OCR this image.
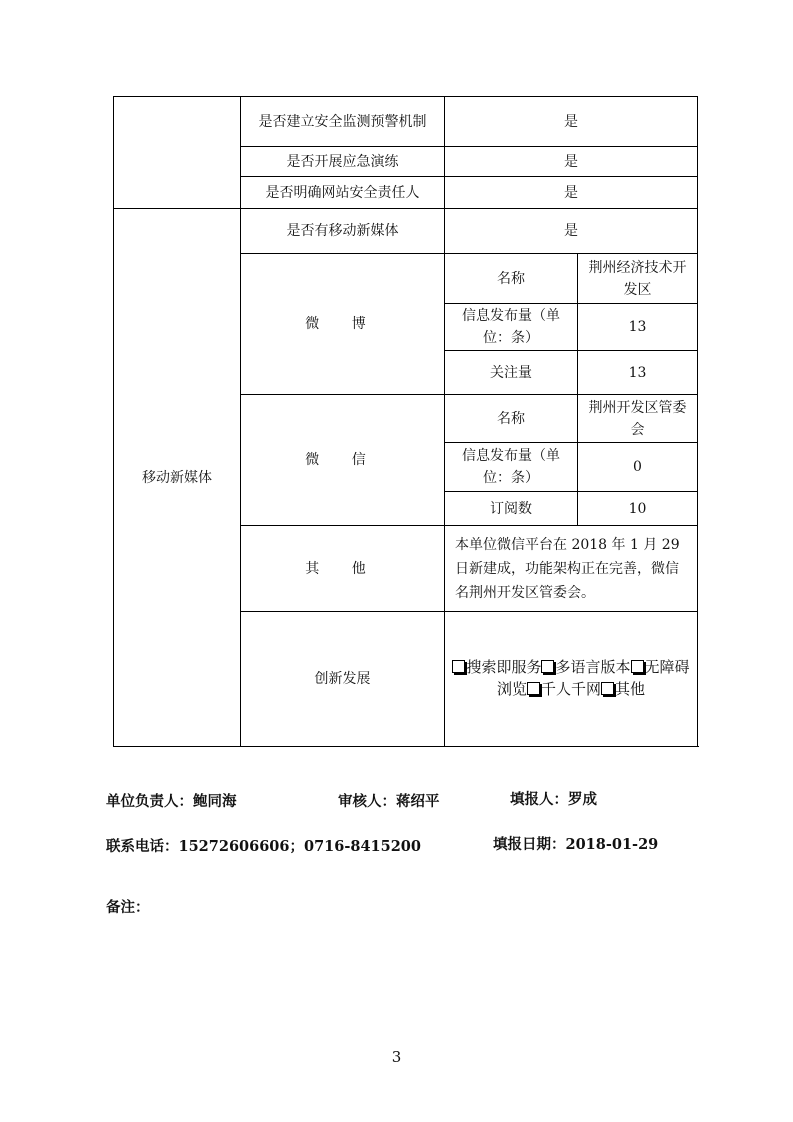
	是否建立安全监测预警机制	是	
	是否开展应急演练	是	
	是否明确网站安全责任人	是	
移动新媒体	是否有移动新媒体	是	
	微 博	名称	荆州经济技术开发区
		信息发布量（单位：条）	13
		关注量	13
	微 信	名称	荆州开发区管委会
		信息发布量（单位：条）	0
		订阅数	10
	其 他	本单位微信平台在 2018 年 1 月 29 日新建成，功能架构正在完善，微信名荆州开发区管委会。	
	创新发展	搜索即服务 多语言版本 无障碍浏览 千人千网 其他	
单位负责人：鲍同海	审核人：蒋绍平	填报人：罗成
联系电话：15272606606；0716-8415200	填报日期：2018-01-29
备注：
3
